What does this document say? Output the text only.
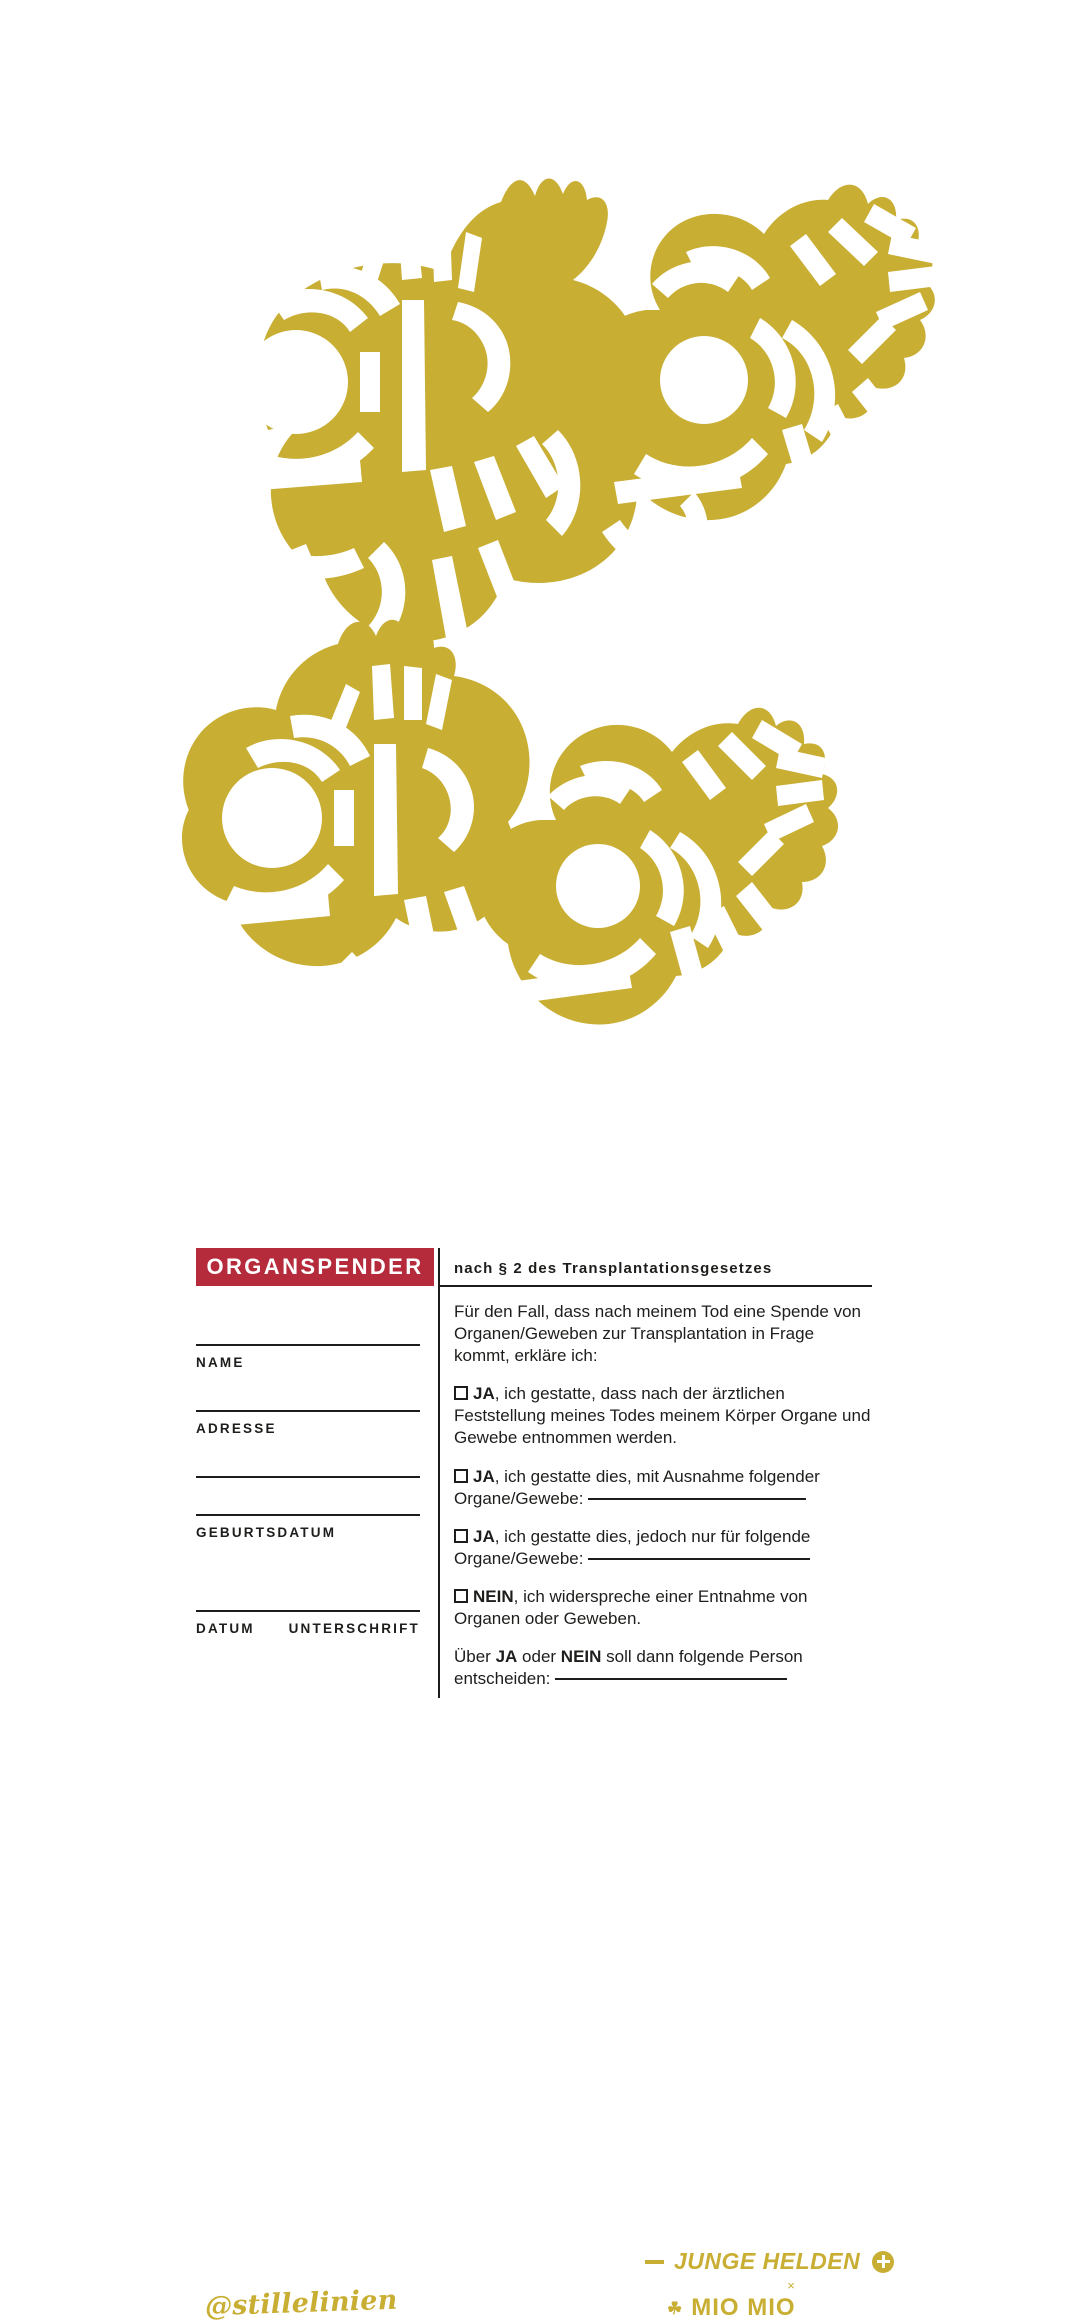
@stillelinien
JUNGE HELDEN
×
☘ MIO MIO
ORGANSPENDER
NAME
ADRESSE
GEBURTSDATUM
DATUM	UNTERSCHRIFT
nach § 2 des Transplantationsgesetzes
Für den Fall, dass nach meinem Tod eine Spende von Organen/Geweben zur Transplantation in Frage kommt, erkläre ich:
JA, ich gestatte, dass nach der ärztlichen Feststellung meines Todes meinem Körper Organe und Gewebe entnommen werden.
JA, ich gestatte dies, mit Ausnahme folgender Organe/Gewebe:
JA, ich gestatte dies, jedoch nur für folgende Organe/Gewebe:
NEIN, ich widerspreche einer Entnahme von Organen oder Geweben.
Über JA oder NEIN soll dann folgende Person entscheiden:
